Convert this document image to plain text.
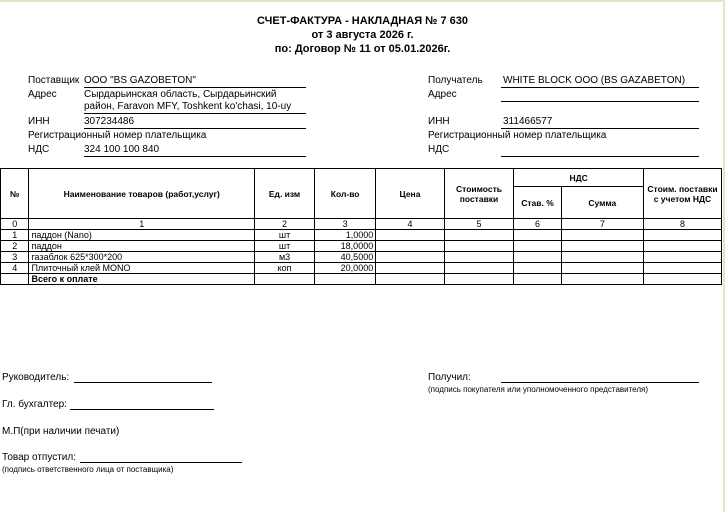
СЧЕТ-ФАКТУРА - НАКЛАДНАЯ № 7 630
от 3 августа 2026 г.
по: Договор № 11 от 05.01.2026г.
Поставщик ООО "BS GAZOBETON"
Адрес	Сырдарьинская область, Сырдарьинский
район, Faravon MFY, Toshkent ko'chasi, 10-uy
ИНН	307234486
Регистрационный номер плательщика
НДС	324 100 100 840
Получатель WHITE BLOCK OOO (BS GAZABETON)
Адрес
ИНН	311466577
Регистрационный номер плательщика
НДС
№	Наименование товаров (работ,услуг)	Ед. изм	Кол-во	Цена	Стоимость поставки	НДС		Стоим. поставки с учетом НДС
						Став. %	Сумма	
0	1	2	3	4	5	6	7	8
1	паддон (Nano)	шт	1,0000					
2	паддон	шт	18,0000					
3	газаблок 625*300*200	м3	40,5000					
4	Плиточный клей MONO	коп	20,0000					
	Всего к оплате							
Руководитель:
Гл. бухгалтер:
М.П(при наличии печати)
Товар отпустил:
(подпись ответственного лица от поставщика)
Получил:
(подпись покупателя или уполномоченного представителя)
